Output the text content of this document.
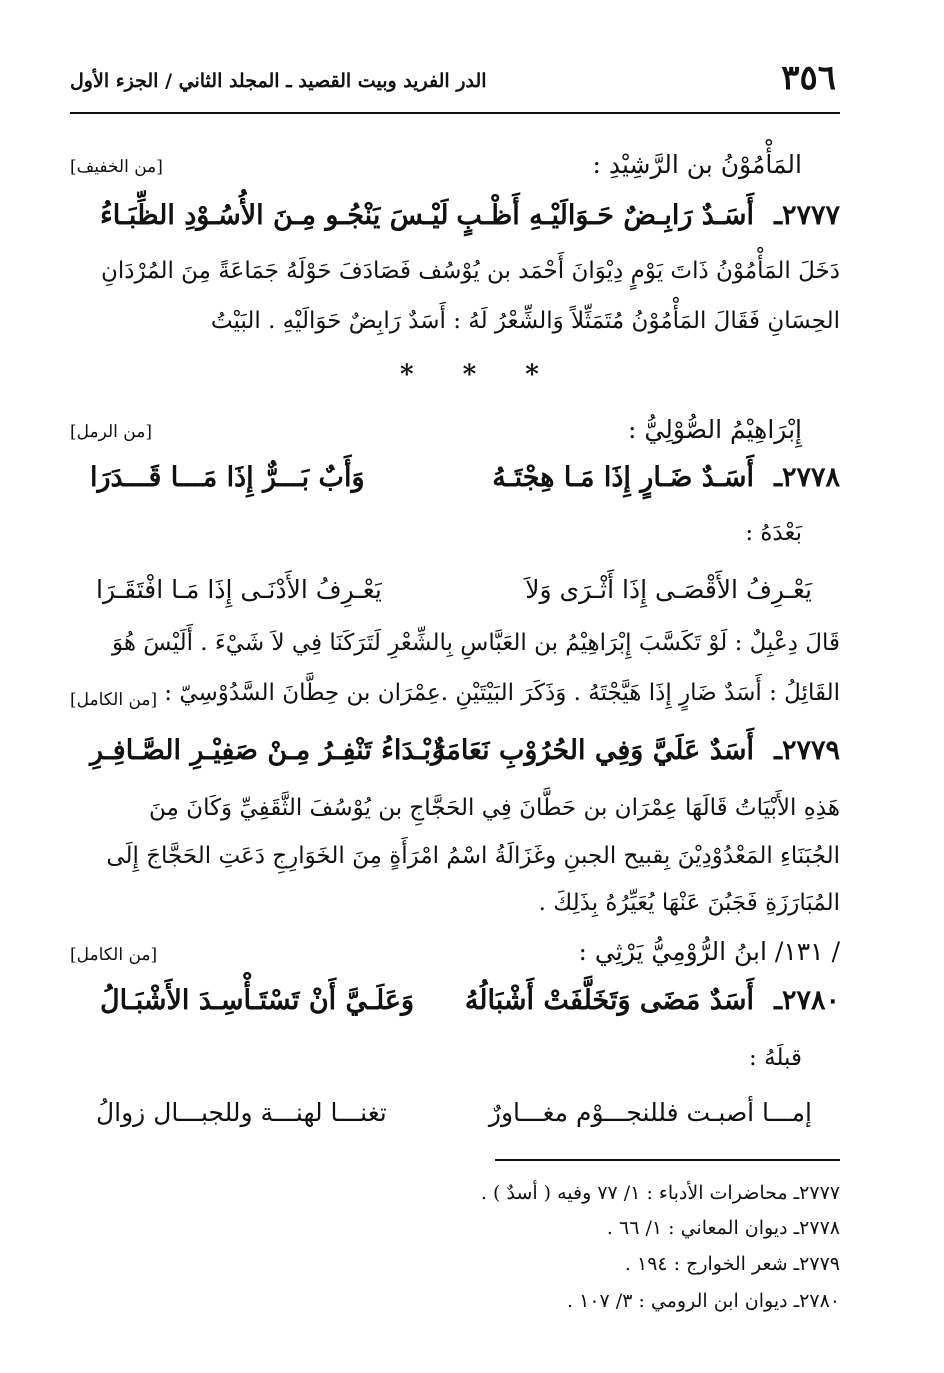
٣٥٦
الدر الفريد وبيت القصيد ـ المجلد الثاني / الجزء الأول
المَأْمُوْنُ بن الرَّشِيْدِ :
[من الخفيف]
٢٧٧٧ـ
أَسَـدٌ رَابِـضٌ حَـوَالَيْـهِ أَظْـبٍ
لَيْـسَ يَنْجُـو مِـنَ الأُسُـوْدِ الظِّبَـاءُ
دَخَلَ المَأْمُوْنُ ذَاتَ يَوْمٍ دِيْوَانَ أَحْمَد بن يُوْسُف فَصَادَفَ حَوْلَهُ جَمَاعَةً مِنَ المُرْدَانِ
الحِسَانِ فَقَالَ المَأْمُوْنُ مُتَمَثِّلاً وَالشِّعْرُ لَهُ : أَسَدٌ رَابِضٌ حَوَالَيْهِ . البَيْتُ
* * *
إِبْرَاهِيْمُ الصُّوْلِيُّ :
[من الرمل]
٢٧٧٨ـ
أَسَـدٌ ضَـارٍ إِذَا مَـا هِجْتَـهُ
وَأَبٌ بَـــرٌّ إِذَا مَـــا قَـــدَرَا
بَعْدَهُ :
يَعْـرِفُ الأَقْصَـى إِذَا أَثْـرَى وَلاَ
يَعْـرِفُ الأَدْنَـى إِذَا مَـا افْتَقَـرَا
قَالَ دِعْبِلٌ : لَوْ تَكَسَّبَ إِبْرَاهِيْمُ بن العَبَّاسِ بِالشِّعْرِ لَتَرَكَنَا فِي لاَ شَيْءَ . أَلَيْسَ هُوَ
القَائِلُ : أَسَدٌ ضَارٍ إِذَا هَيَّجْتَهُ . وَذَكَرَ البَيْتَيْنِ .عِمْرَان بن حِطَّانَ السَّدُوْسِيّ :
[من الكامل]
٢٧٧٩ـ
أَسَدٌ عَلَيَّ وَفِي الحُرُوْبِ نَعَامَةٌ
رَبْـدَاءُ تَنْفِـرُ مِـنْ صَفِيْـرِ الصَّـافِـرِ
هَذِهِ الأَبْيَاتُ قَالَهَا عِمْرَان بن حَطَّانَ فِي الحَجَّاجِ بن يُوْسُفَ الثَّقَفِيِّ وَكَانَ مِنَ
الجُبَنَاءِ المَعْدُوْدِيْنَ بِقبيح الجبنِ وغَزَالَةُ اسْمُ امْرَأَةٍ مِنَ الخَوَارِجِ دَعَتِ الحَجَّاجَ إِلَى
المُبَارَزَةِ فَجَبُنَ عَنْهَا يُعَيِّرُهُ بِذَلِكَ .
/ ١٣١/ ابنُ الرُّوْمِيُّ يَرْثِي :
[من الكامل]
٢٧٨٠ـ
أَسَدٌ مَضَى وَتَخَلَّفَتْ أَشْبَالُهُ
وَعَلَـيَّ أَنْ تَسْتَـأْسِـدَ الأَشْبَـالُ
قبلَهُ :
إمـــا أصبـت فللنجـــوْم مغـــاورٌ
تغنـــا لهنـــة وللجبـــال زوالُ
٢٧٧٧ـ محاضرات الأدباء : ١/ ٧٧ وفيه ( أسدٌ ) .
٢٧٧٨ـ ديوان المعاني : ١/ ٦٦ .
٢٧٧٩ـ شعر الخوارج : ١٩٤ .
٢٧٨٠ـ ديوان ابن الرومي : ٣/ ١٠٧ .
